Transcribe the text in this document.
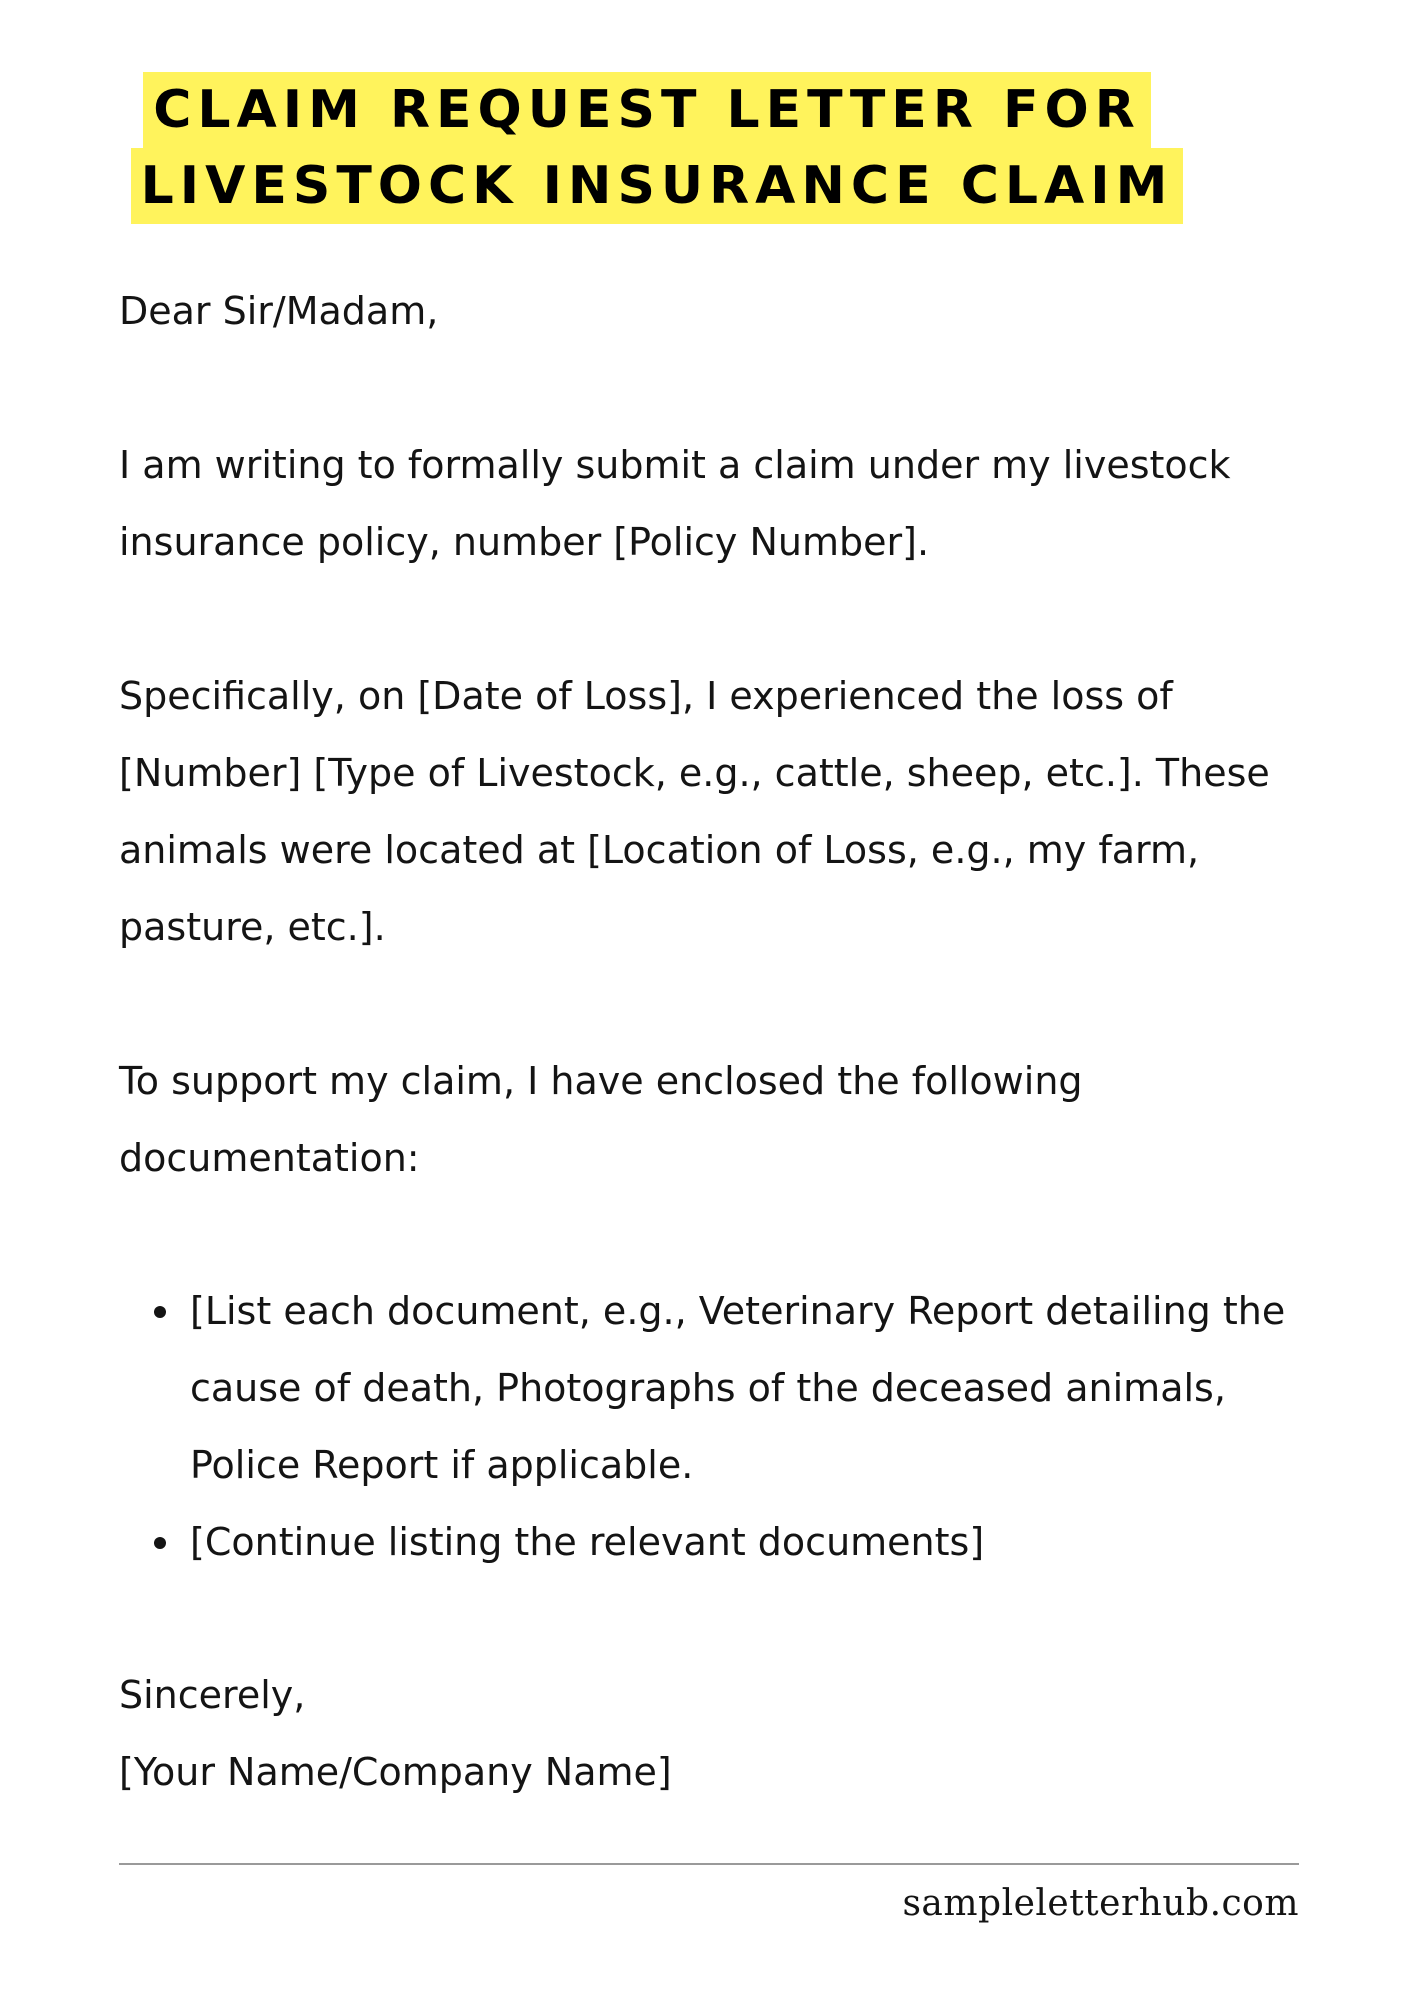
CLAIM REQUEST LETTER FOR
LIVESTOCK INSURANCE CLAIM

Dear Sir/Madam,

I am writing to formally submit a claim under my livestock insurance policy, number [Policy Number].

Specifically, on [Date of Loss], I experienced the loss of [Number] [Type of Livestock, e.g., cattle, sheep, etc.]. These animals were located at [Location of Loss, e.g., my farm, pasture, etc.].

To support my claim, I have enclosed the following documentation:

[List each document, e.g., Veterinary Report detailing the cause of death, Photographs of the deceased animals, Police Report if applicable.
[Continue listing the relevant documents]

Sincerely,

[Your Name/Company Name]

sampleletterhub.com
